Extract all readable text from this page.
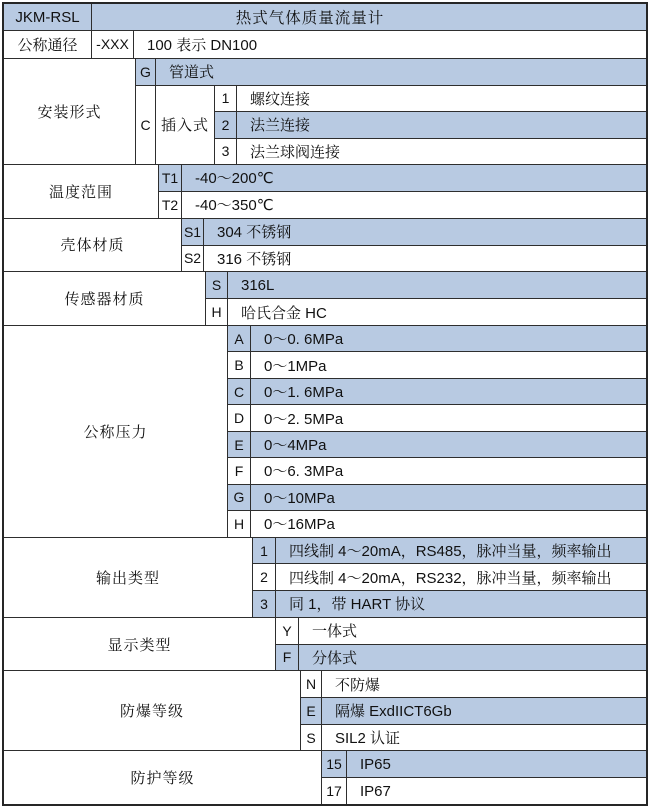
JKM-RSL	热式气体质量流量计
公称通径	-XXX	100 表示 DN100
安装形式
G	管道式
C 插入式
1	螺纹连接
2	法兰连接
3	法兰球阀连接
温度范围
T1	-40～200℃
T2	-40～350℃
壳体材质
S1	304 不锈钢
S2	316 不锈钢
传感器材质
S	316L
H	哈氏合金 HC
公称压力
A	0～0. 6MPa
B	0～1MPa
C	0～1. 6MPa
D	0～2. 5MPa
E	0～4MPa
F	0～6. 3MPa
G	0～10MPa
H	0～16MPa
输出类型
1	四线制 4～20mA，RS485，脉冲当量，频率输出
2	四线制 4～20mA，RS232，脉冲当量，频率输出
3	同 1，带 HART 协议
显示类型
Y	一体式
F	分体式
防爆等级
N	不防爆
E	隔爆 ExdIICT6Gb
S	SIL2 认证
防护等级
15	IP65
17	IP67
